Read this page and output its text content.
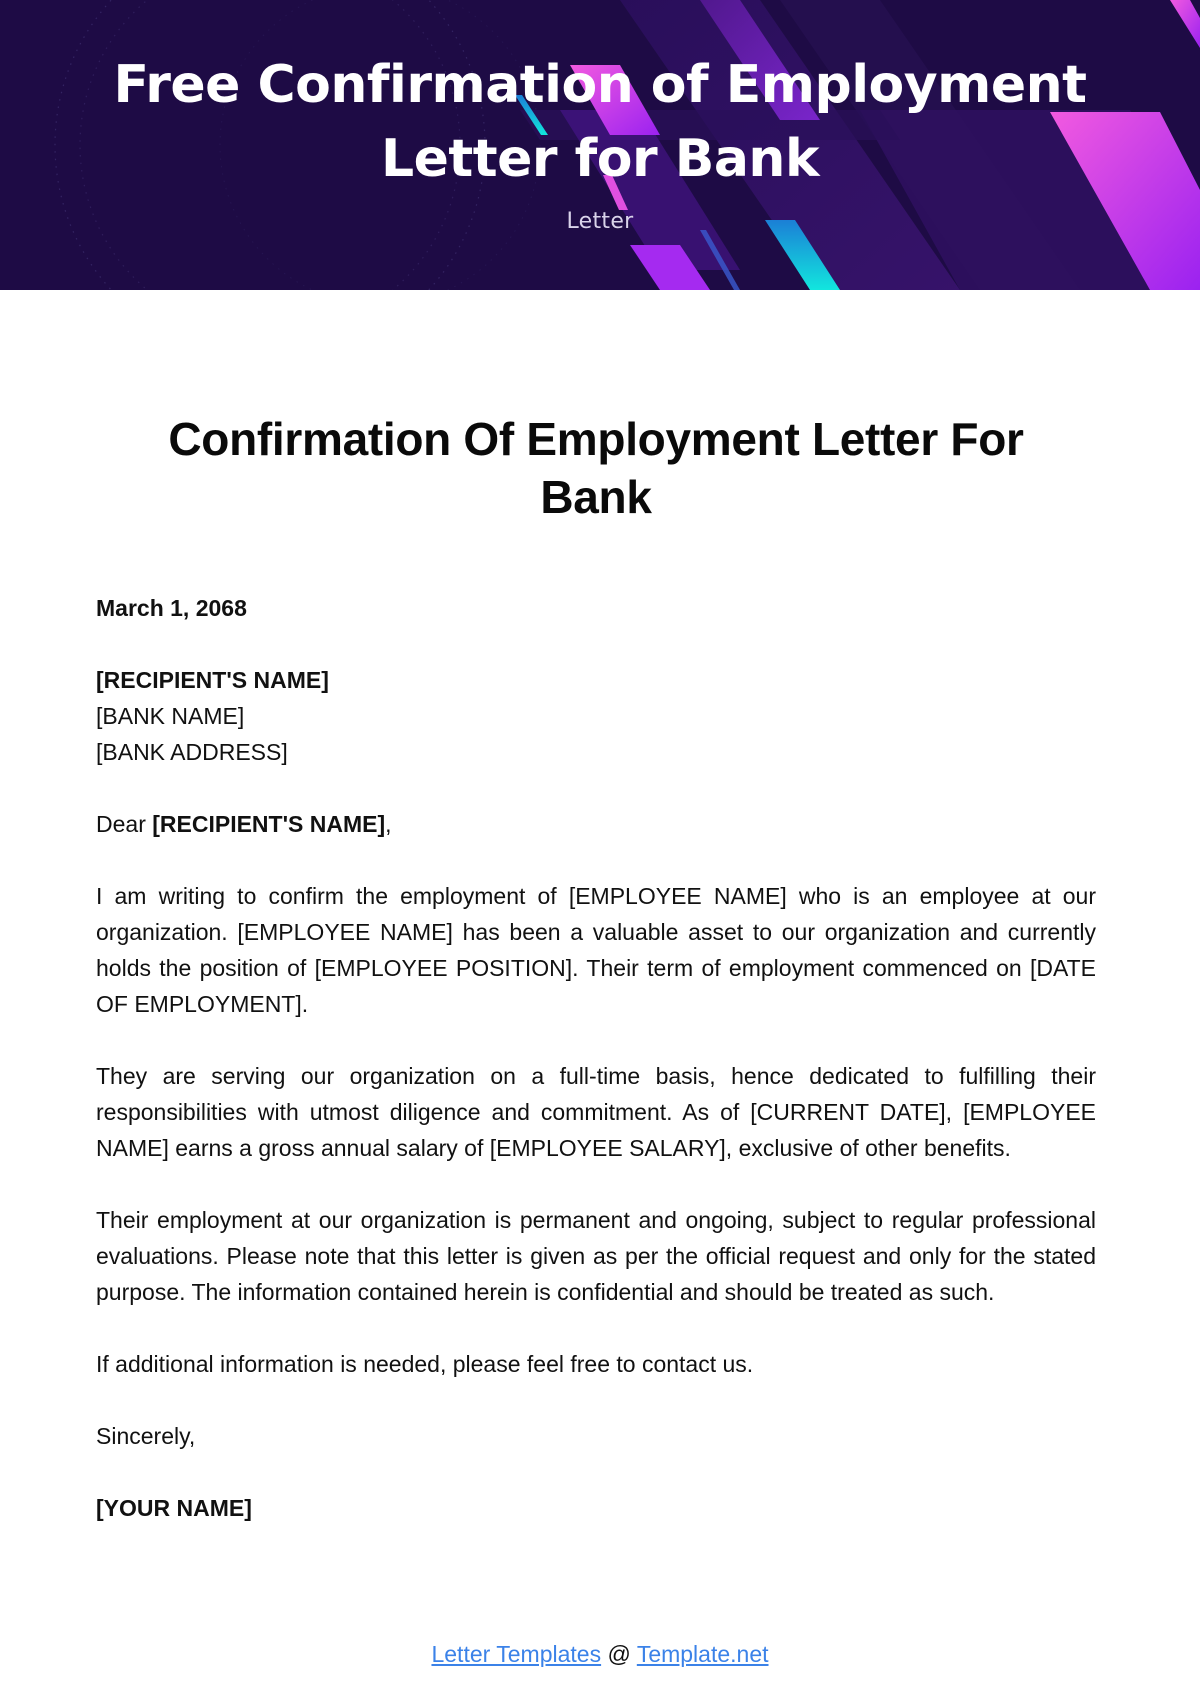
Free Confirmation of Employment
Letter for Bank
Letter
Confirmation Of Employment Letter For
Bank

March 1, 2068

[RECIPIENT'S NAME]

[BANK NAME]

[BANK ADDRESS]

Dear [RECIPIENT'S NAME],

I am writing to confirm the employment of [EMPLOYEE NAME] who is an employee at our organization. [EMPLOYEE NAME] has been a valuable asset to our organization and currently holds the position of [EMPLOYEE POSITION]. Their term of employment commenced on [DATE OF EMPLOYMENT].

They are serving our organization on a full-time basis, hence dedicated to fulfilling their responsibilities with utmost diligence and commitment. As of [CURRENT DATE], [EMPLOYEE NAME] earns a gross annual salary of [EMPLOYEE SALARY], exclusive of other benefits.

Their employment at our organization is permanent and ongoing, subject to regular professional evaluations. Please note that this letter is given as per the official request and only for the stated purpose. The information contained herein is confidential and should be treated as such.

If additional information is needed, please feel free to contact us.

Sincerely,

[YOUR NAME]

Letter Templates @ Template.net
